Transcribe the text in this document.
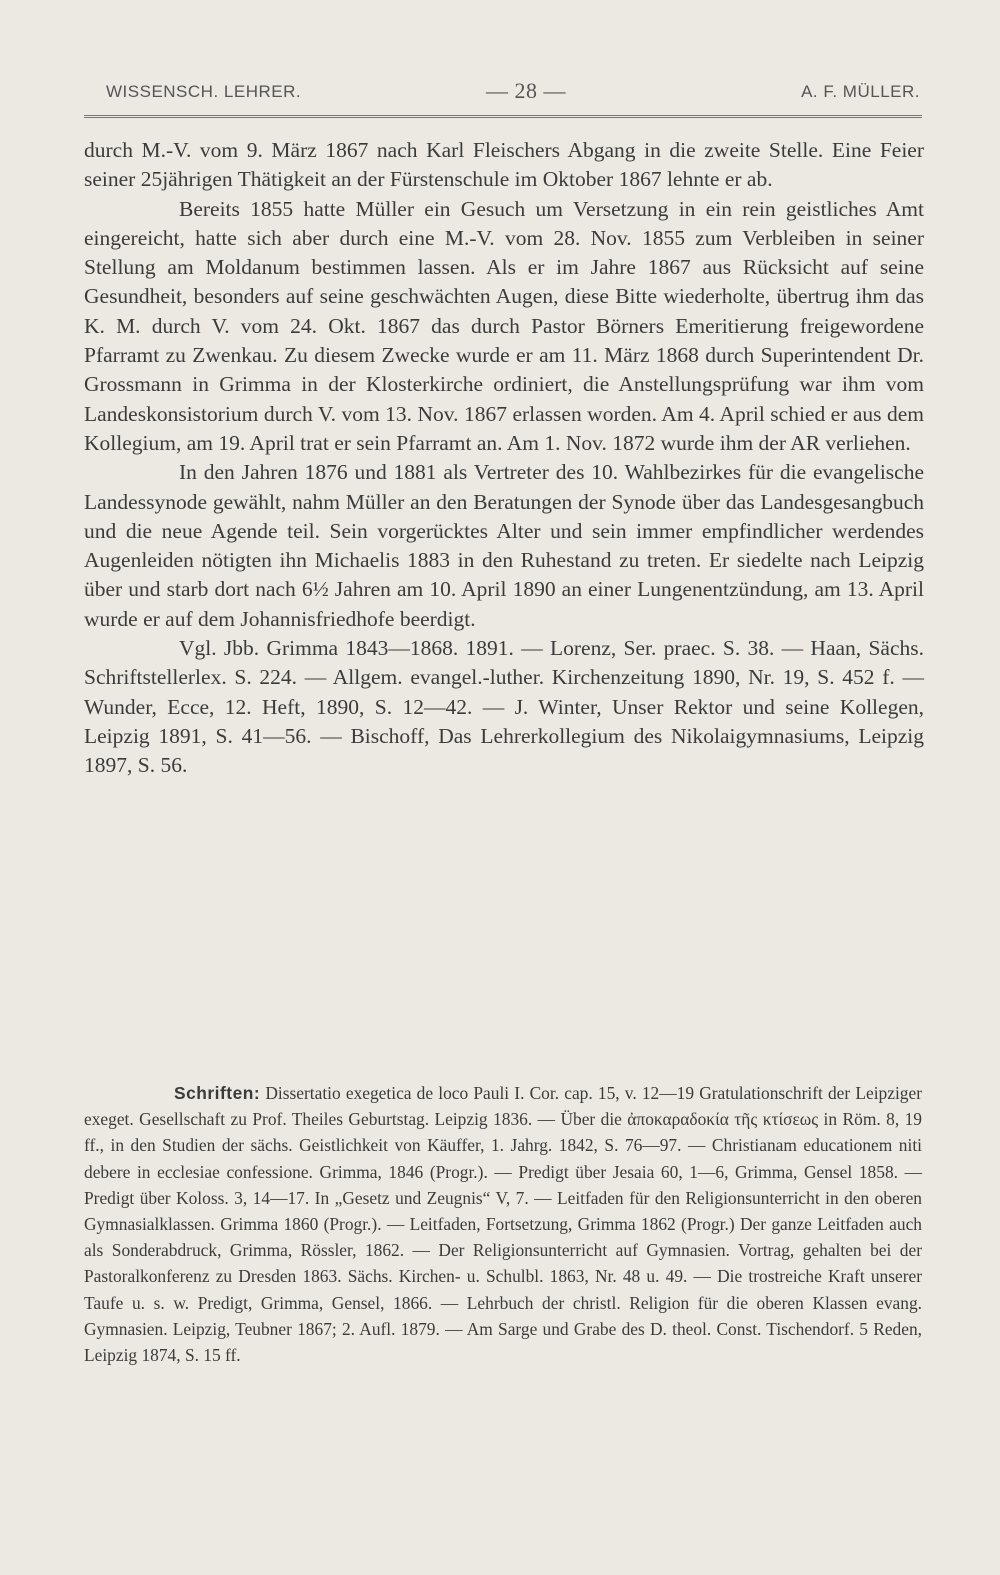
WISSENSCH. LEHRER.	— 28 —	A. F. MÜLLER.

durch M.-V. vom 9. März 1867 nach Karl Fleischers Abgang in die zweite Stelle. Eine Feier seiner 25jährigen Thätigkeit an der Fürstenschule im Oktober 1867 lehnte er ab.

Bereits 1855 hatte Müller ein Gesuch um Versetzung in ein rein geistliches Amt eingereicht, hatte sich aber durch eine M.-V. vom 28. Nov. 1855 zum Verbleiben in seiner Stellung am Moldanum bestimmen lassen. Als er im Jahre 1867 aus Rücksicht auf seine Gesundheit, besonders auf seine geschwächten Augen, diese Bitte wiederholte, übertrug ihm das K. M. durch V. vom 24. Okt. 1867 das durch Pastor Börners Emeritierung freigewordene Pfarramt zu Zwenkau. Zu diesem Zwecke wurde er am 11. März 1868 durch Superintendent Dr. Grossmann in Grimma in der Klosterkirche ordiniert, die Anstellungsprüfung war ihm vom Landeskonsistorium durch V. vom 13. Nov. 1867 erlassen worden. Am 4. April schied er aus dem Kollegium, am 19. April trat er sein Pfarramt an. Am 1. Nov. 1872 wurde ihm der AR verliehen.

In den Jahren 1876 und 1881 als Vertreter des 10. Wahlbezirkes für die evangelische Landessynode gewählt, nahm Müller an den Beratungen der Synode über das Landesgesangbuch und die neue Agende teil. Sein vorgerücktes Alter und sein immer empfindlicher werdendes Augenleiden nötigten ihn Michaelis 1883 in den Ruhestand zu treten. Er siedelte nach Leipzig über und starb dort nach 6½ Jahren am 10. April 1890 an einer Lungenentzündung, am 13. April wurde er auf dem Johannisfriedhofe beerdigt.

Vgl. Jbb. Grimma 1843—1868. 1891. — Lorenz, Ser. praec. S. 38. — Haan, Sächs. Schriftstellerlex. S. 224. — Allgem. evangel.-luther. Kirchenzeitung 1890, Nr. 19, S. 452 f. — Wunder, Ecce, 12. Heft, 1890, S. 12—42. — J. Winter, Unser Rektor und seine Kollegen, Leipzig 1891, S. 41—56. — Bischoff, Das Lehrerkollegium des Nikolaigymnasiums, Leipzig 1897, S. 56.

Schriften: Dissertatio exegetica de loco Pauli I. Cor. cap. 15, v. 12—19 Gratulationschrift der Leipziger exeget. Gesellschaft zu Prof. Theiles Geburtstag. Leipzig 1836. — Über die ἀποκαραδοκία τῆς κτίσεως in Röm. 8, 19 ff., in den Studien der sächs. Geistlichkeit von Käuffer, 1. Jahrg. 1842, S. 76—97. — Christianam educationem niti debere in ecclesiae confessione. Grimma, 1846 (Progr.). — Predigt über Jesaia 60, 1—6, Grimma, Gensel 1858. — Predigt über Koloss. 3, 14—17. In „Gesetz und Zeugnis“ V, 7. — Leitfaden für den Religionsunterricht in den oberen Gymnasialklassen. Grimma 1860 (Progr.). — Leitfaden, Fortsetzung, Grimma 1862 (Progr.) Der ganze Leitfaden auch als Sonderabdruck, Grimma, Rössler, 1862. — Der Religionsunterricht auf Gymnasien. Vortrag, gehalten bei der Pastoralkonferenz zu Dresden 1863. Sächs. Kirchen- u. Schulbl. 1863, Nr. 48 u. 49. — Die trostreiche Kraft unserer Taufe u. s. w. Predigt, Grimma, Gensel, 1866. — Lehrbuch der christl. Religion für die oberen Klassen evang. Gymnasien. Leipzig, Teubner 1867; 2. Aufl. 1879. — Am Sarge und Grabe des D. theol. Const. Tischendorf. 5 Reden, Leipzig 1874, S. 15 ff.
